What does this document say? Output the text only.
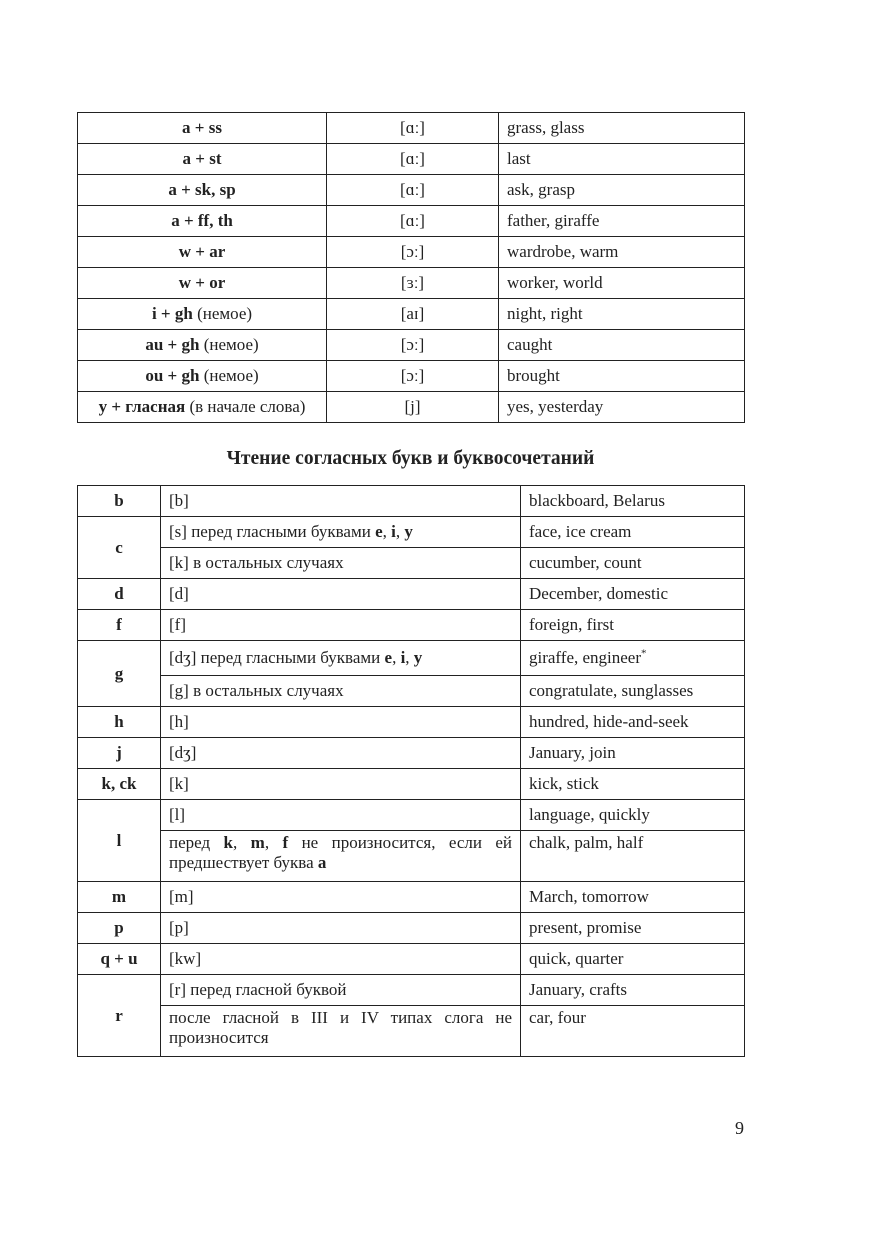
a + ss	[ɑː]	grass, glass
a + st	[ɑː]	last
a + sk, sp	[ɑː]	ask, grasp
a + ff, th	[ɑː]	father, giraffe
w + ar	[ɔː]	wardrobe, warm
w + or	[ɜː]	worker, world
i + gh (немое)	[aɪ]	night, right
au + gh (немое)	[ɔː]	caught
ou + gh (немое)	[ɔː]	brought
y + гласная (в начале слова)	[j]	yes, yesterday
Чтение согласных букв и буквосочетаний
b	[b]	blackboard, Belarus
c	[s] перед гласными буквами e, i, y	face, ice cream
	[k] в остальных случаях	cucumber, count
d	[d]	December, domestic
f	[f]	foreign, first
g	[dʒ] перед гласными буквами e, i, y	giraffe, engineer*
	[g] в остальных случаях	congratulate, sunglasses
h	[h]	hundred, hide-and-seek
j	[dʒ]	January, join
k, ck	[k]	kick, stick
l	[l]	language, quickly
	перед k, m, f не произносится, если ей предшествует буква a	chalk, palm, half
m	[m]	March, tomorrow
p	[p]	present, promise
q + u	[kw]	quick, quarter
r	[r] перед гласной буквой	January, crafts
	после гласной в III и IV типах слога не произносится	car, four
9
